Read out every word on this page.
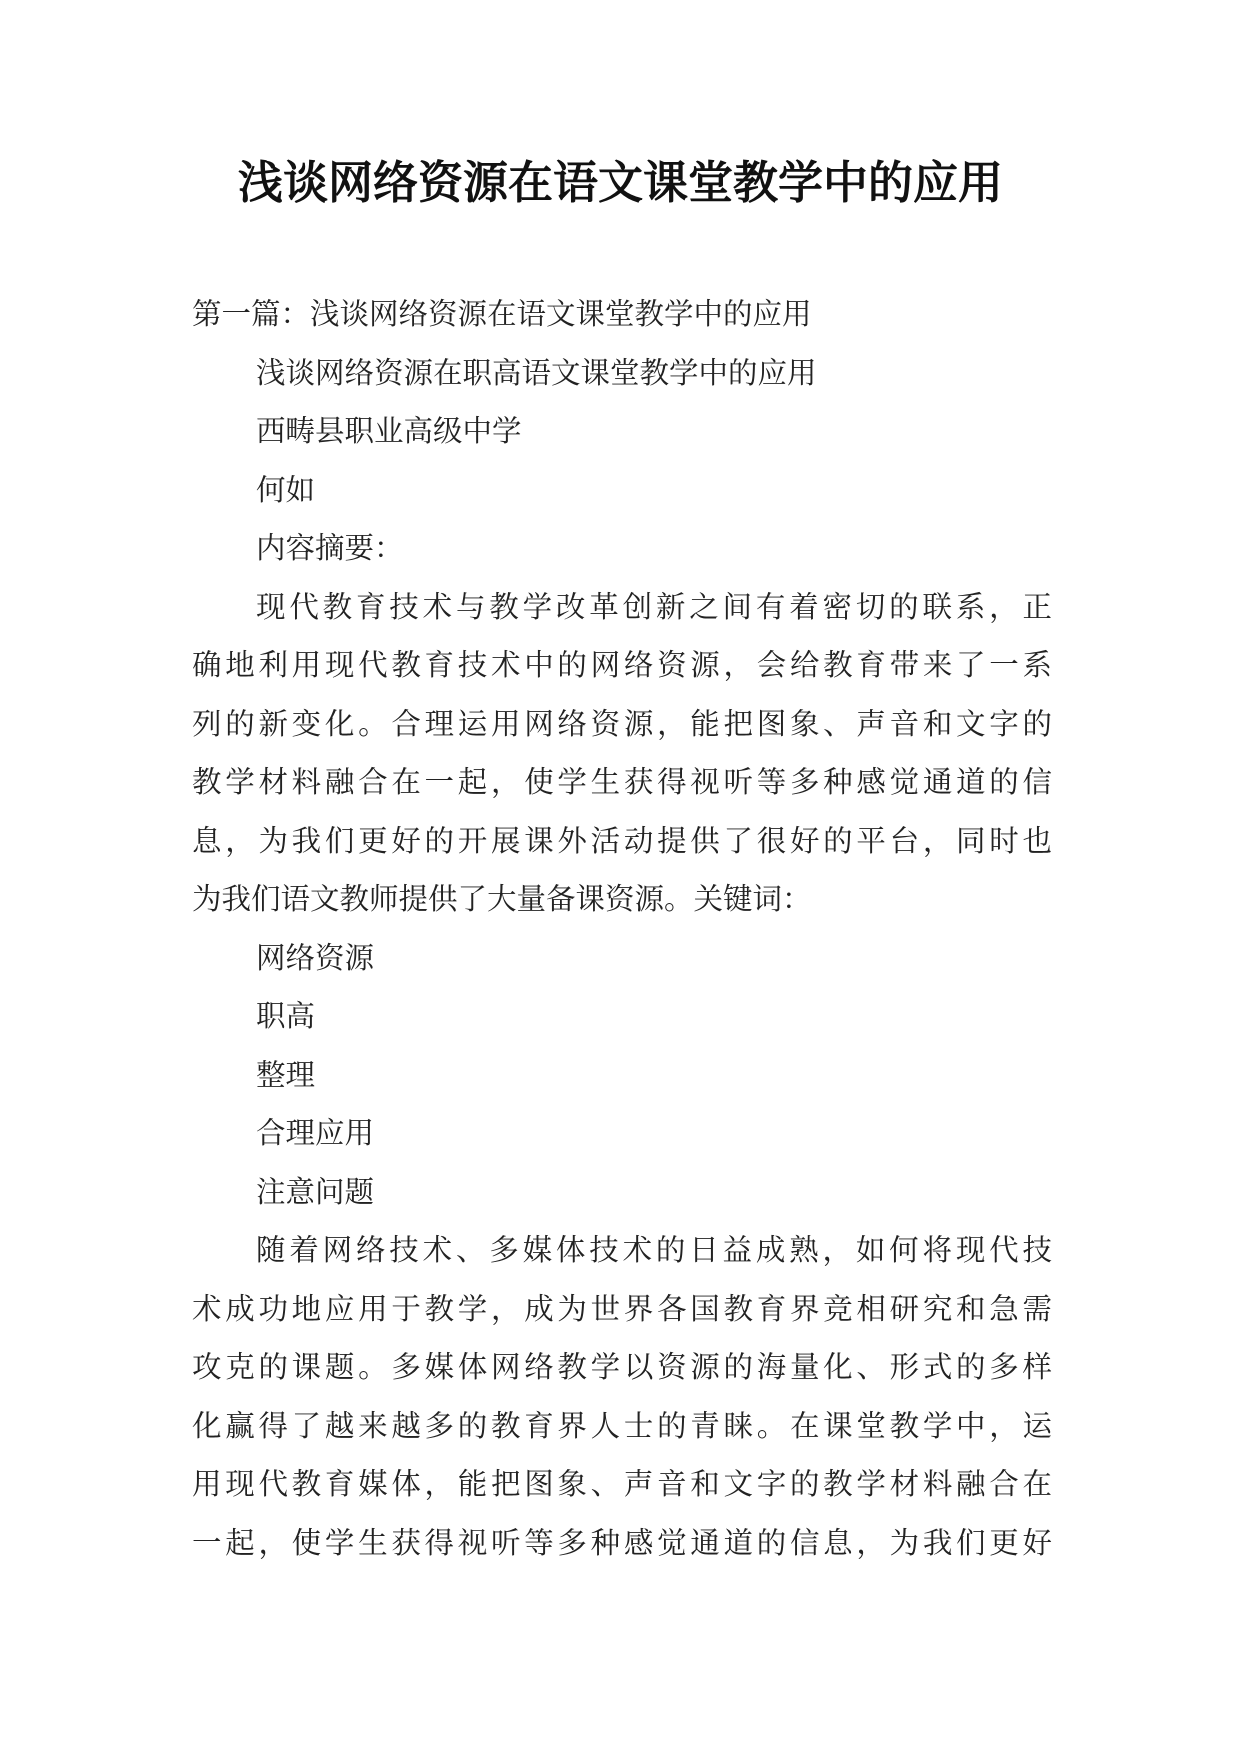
浅谈网络资源在语文课堂教学中的应用
第一篇：浅谈网络资源在语文课堂教学中的应用
浅谈网络资源在职高语文课堂教学中的应用
西畴县职业高级中学
何如
内容摘要：
现代教育技术与教学改革创新之间有着密切的联系，正
确地利用现代教育技术中的网络资源，会给教育带来了一系
列的新变化。合理运用网络资源，能把图象、声音和文字的
教学材料融合在一起，使学生获得视听等多种感觉通道的信
息，为我们更好的开展课外活动提供了很好的平台，同时也
为我们语文教师提供了大量备课资源。关键词：
网络资源
职高
整理
合理应用
注意问题
随着网络技术、多媒体技术的日益成熟，如何将现代技
术成功地应用于教学，成为世界各国教育界竞相研究和急需
攻克的课题。多媒体网络教学以资源的海量化、形式的多样
化赢得了越来越多的教育界人士的青睐。在课堂教学中，运
用现代教育媒体，能把图象、声音和文字的教学材料融合在
一起，使学生获得视听等多种感觉通道的信息，为我们更好
